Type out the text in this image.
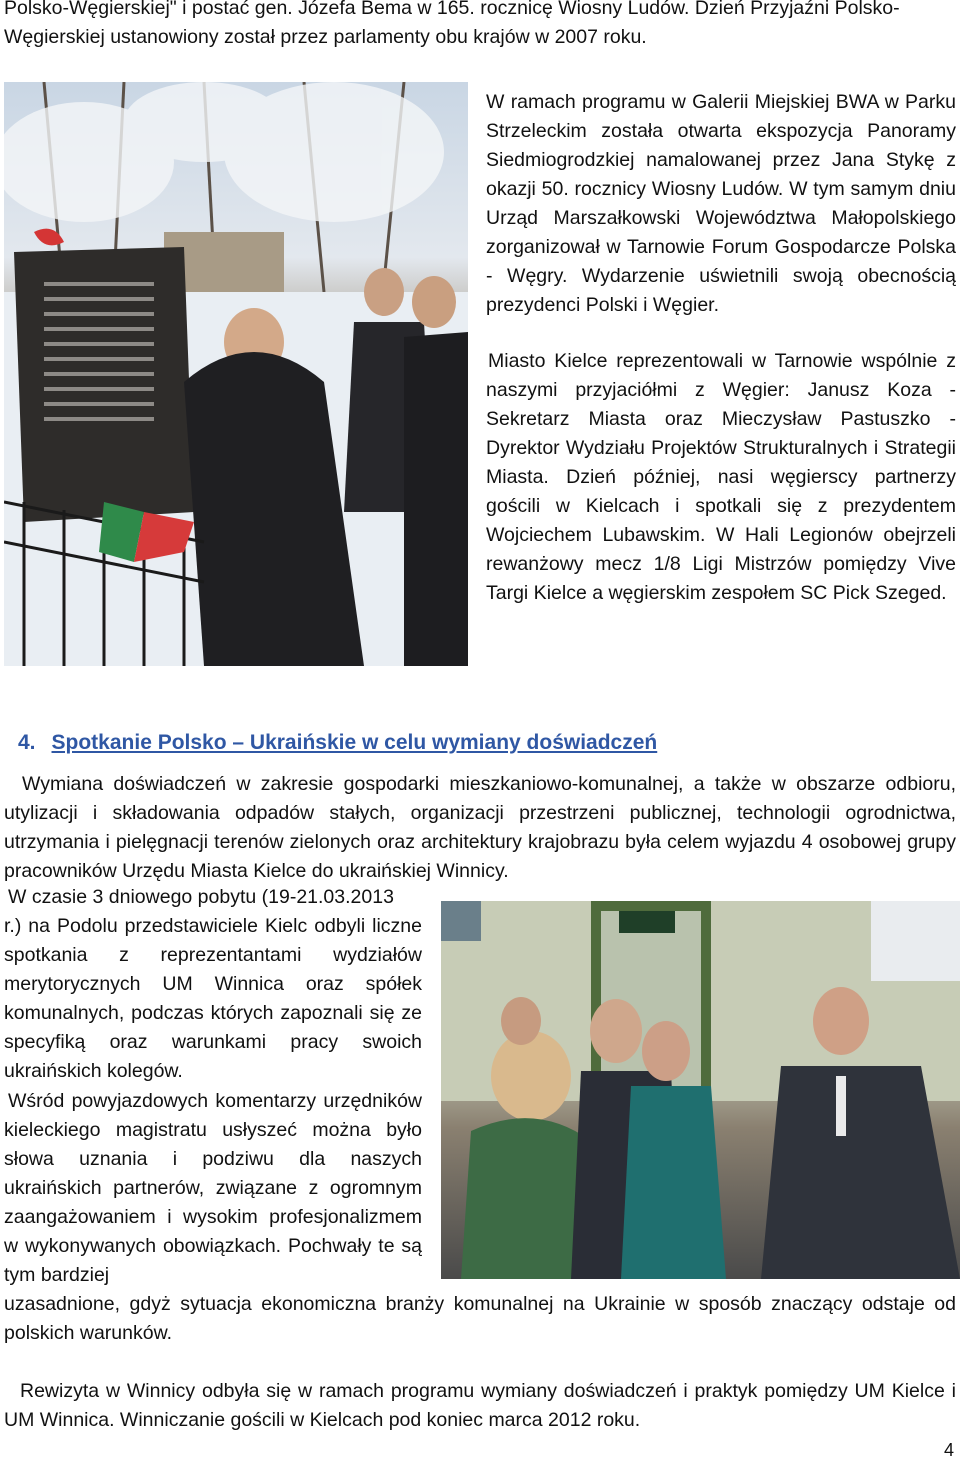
Polsko-Węgierskiej" i postać gen. Józefa Bema w 165. rocznicę Wiosny Ludów. Dzień Przyjaźni Polsko-
Węgierskiej ustanowiony został przez parlamenty obu krajów w 2007 roku.
W ramach programu w Galerii Miejskiej BWA w Parku Strzeleckim została otwarta ekspozycja Panoramy Siedmiogrodzkiej namalowanej przez Jana Stykę z okazji 50. rocznicy Wiosny Ludów. W tym samym dniu Urząd Marszałkowski Województwa Małopolskiego zorganizował w Tarnowie Forum Gospodarcze Polska - Węgry. Wydarzenie uświetnili swoją obecnością prezydenci Polski i Węgier.
Miasto Kielce reprezentowali w Tarnowie wspólnie z naszymi przyjaciółmi z Węgier: Janusz Koza - Sekretarz Miasta oraz Mieczysław Pastuszko - Dyrektor Wydziału Projektów Strukturalnych i Strategii Miasta. Dzień później, nasi węgierscy partnerzy gościli w Kielcach i spotkali się z prezydentem Wojciechem Lubawskim. W Hali Legionów obejrzeli rewanżowy mecz 1/8 Ligi Mistrzów pomiędzy Vive Targi Kielce a węgierskim zespołem SC Pick Szeged.
4. Spotkanie Polsko – Ukraińskie w celu wymiany doświadczeń
Wymiana doświadczeń w zakresie gospodarki mieszkaniowo-komunalnej, a także w obszarze odbioru, utylizacji i składowania odpadów stałych, organizacji przestrzeni publicznej, technologii ogrodnictwa, utrzymania i pielęgnacji terenów zielonych oraz architektury krajobrazu była celem wyjazdu 4 osobowej grupy pracowników Urzędu Miasta Kielce do ukraińskiej Winnicy.
W czasie 3 dniowego pobytu (19-21.03.2013
r.) na Podolu przedstawiciele Kielc odbyli liczne spotkania z reprezentantami wydziałów merytorycznych UM Winnica oraz spółek komunalnych, podczas których zapoznali się ze specyfiką oraz warunkami pracy swoich ukraińskich kolegów.
Wśród powyjazdowych komentarzy urzędników kieleckiego magistratu usłyszeć można było słowa uznania i podziwu dla naszych ukraińskich partnerów, związane z ogromnym zaangażowaniem i wysokim profesjonalizmem w wykonywanych obowiązkach. Pochwały te są tym bardziej
uzasadnione, gdyż sytuacja ekonomiczna branży komunalnej na Ukrainie w sposób znaczący odstaje od polskich warunków.
Rewizyta w Winnicy odbyła się w ramach programu wymiany doświadczeń i praktyk pomiędzy UM Kielce i UM Winnica. Winniczanie gościli w Kielcach pod koniec marca 2012 roku.
4
